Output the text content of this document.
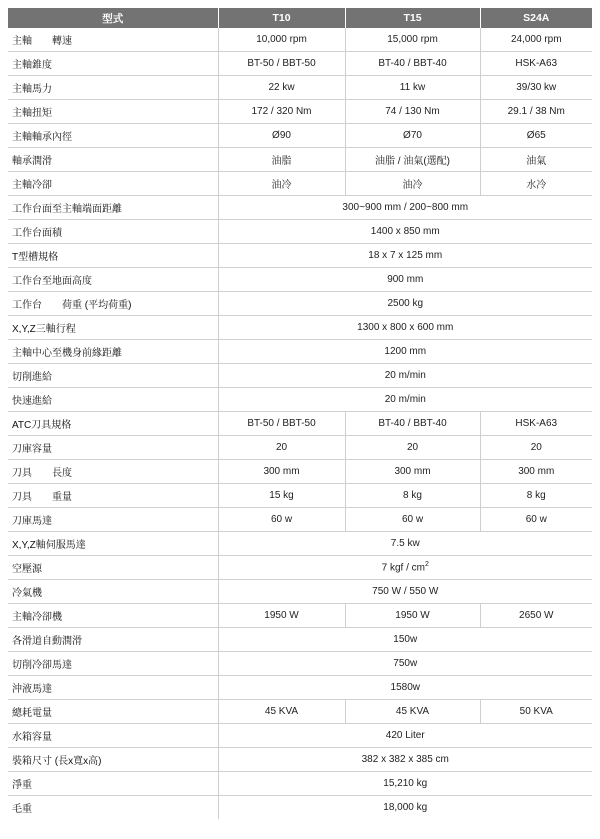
型式	T10	T15	S24A
主軸　　轉速	10,000 rpm	15,000 rpm	24,000 rpm
主軸錐度	BT-50 / BBT-50	BT-40 / BBT-40	HSK-A63
主軸馬力	22 kw	11 kw	39/30 kw
主軸扭矩	172 / 320 Nm	74 / 130 Nm	29.1 / 38 Nm
主軸軸承內徑	Ø90	Ø70	Ø65
軸承潤滑	油脂	油脂 / 油氣(選配)	油氣
主軸冷卻	油冷	油冷	水冷
工作台面至主軸端面距離	300~900 mm / 200~800 mm		
工作台面積	1400 x 850 mm		
T型槽規格	18 x 7 x 125 mm		
工作台至地面高度	900 mm		
工作台　　荷重 (平均荷重)	2500 kg		
X,Y,Z三軸行程	1300 x 800 x 600 mm		
主軸中心至機身前緣距離	1200 mm		
切削進給	20 m/min		
快速進給	20 m/min		
ATC刀具規格	BT-50 / BBT-50	BT-40 / BBT-40	HSK-A63
刀庫容量	20	20	20
刀具　　長度	300 mm	300 mm	300 mm
刀具　　重量	15 kg	8 kg	8 kg
刀庫馬達	60 w	60 w	60 w
X,Y,Z軸伺服馬達	7.5 kw		
空壓源	7 kgf / $cm^2$
冷氣機	750 W / 550 W		
主軸冷卻機	1950 W	1950 W	2650 W
各滑道自動潤滑	150w		
切削冷卻馬達	750w		
沖液馬達	1580w		
總耗電量	45 KVA	45 KVA	50 KVA
水箱容量	420 Liter		
裝箱尺寸 (長x寬x高)	382 x 382 x 385 cm		
淨重	15,210 kg		
毛重	18,000 kg		
